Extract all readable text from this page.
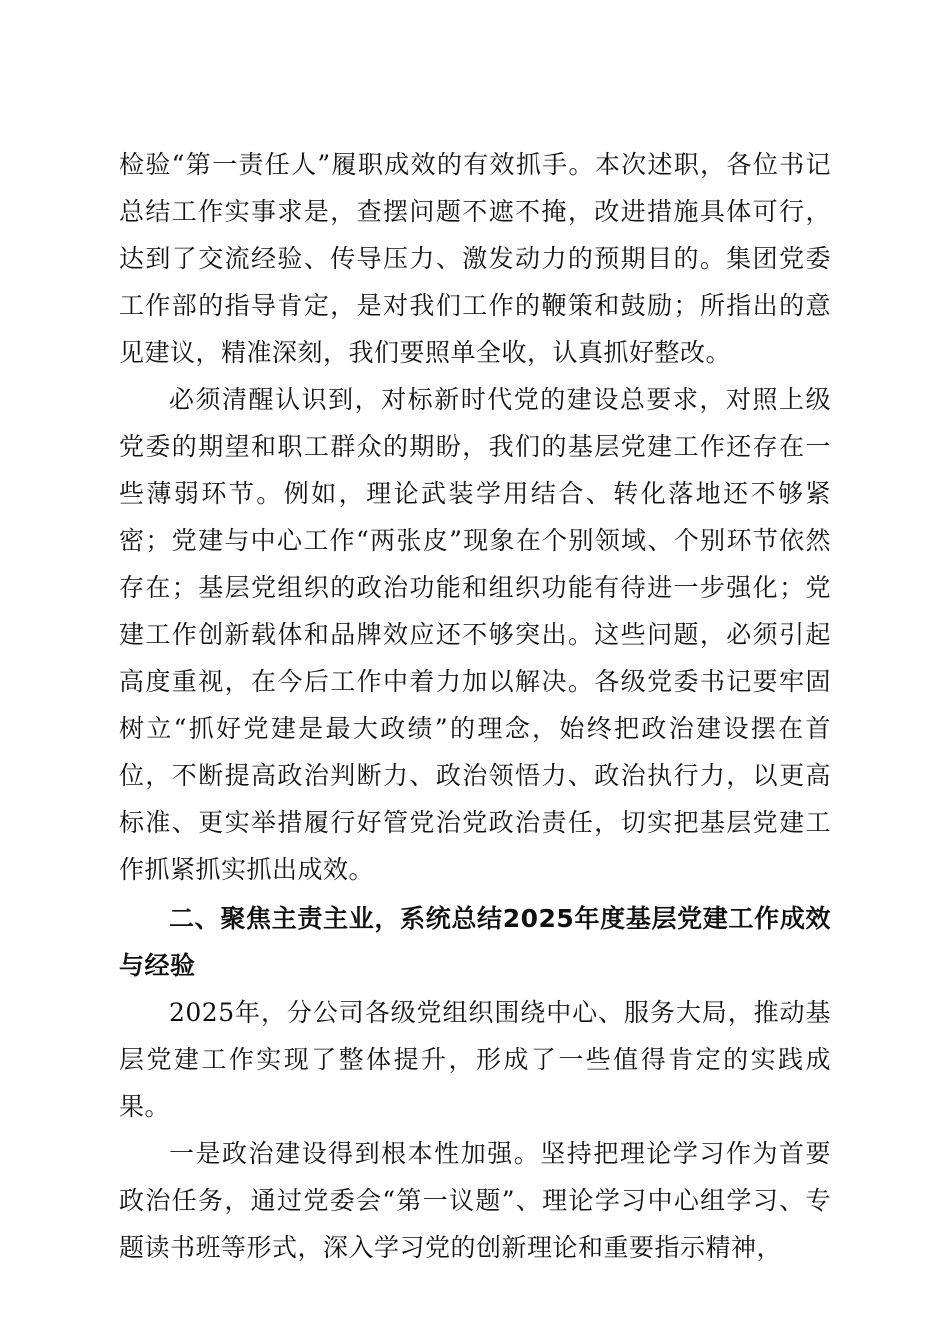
检验“第一责任人”履职成效的有效抓手。本次述职，各位书记总结工作实事求是，查摆问题不遮不掩，改进措施具体可行，达到了交流经验、传导压力、激发动力的预期目的。集团党委工作部的指导肯定，是对我们工作的鞭策和鼓励；所指出的意见建议，精准深刻，我们要照单全收，认真抓好整改。

必须清醒认识到，对标新时代党的建设总要求，对照上级党委的期望和职工群众的期盼，我们的基层党建工作还存在一些薄弱环节。例如，理论武装学用结合、转化落地还不够紧密；党建与中心工作“两张皮”现象在个别领域、个别环节依然存在；基层党组织的政治功能和组织功能有待进一步强化；党建工作创新载体和品牌效应还不够突出。这些问题，必须引起高度重视，在今后工作中着力加以解决。各级党委书记要牢固树立“抓好党建是最大政绩”的理念，始终把政治建设摆在首位，不断提高政治判断力、政治领悟力、政治执行力，以更高标准、更实举措履行好管党治党政治责任，切实把基层党建工作抓紧抓实抓出成效。

二、聚焦主责主业，系统总结2025年度基层党建工作成效与经验

2025年，分公司各级党组织围绕中心、服务大局，推动基层党建工作实现了整体提升，形成了一些值得肯定的实践成果。

一是政治建设得到根本性加强。坚持把理论学习作为首要政治任务，通过党委会“第一议题”、理论学习中心组学习、专题读书班等形式，深入学习党的创新理论和重要指示精神，
